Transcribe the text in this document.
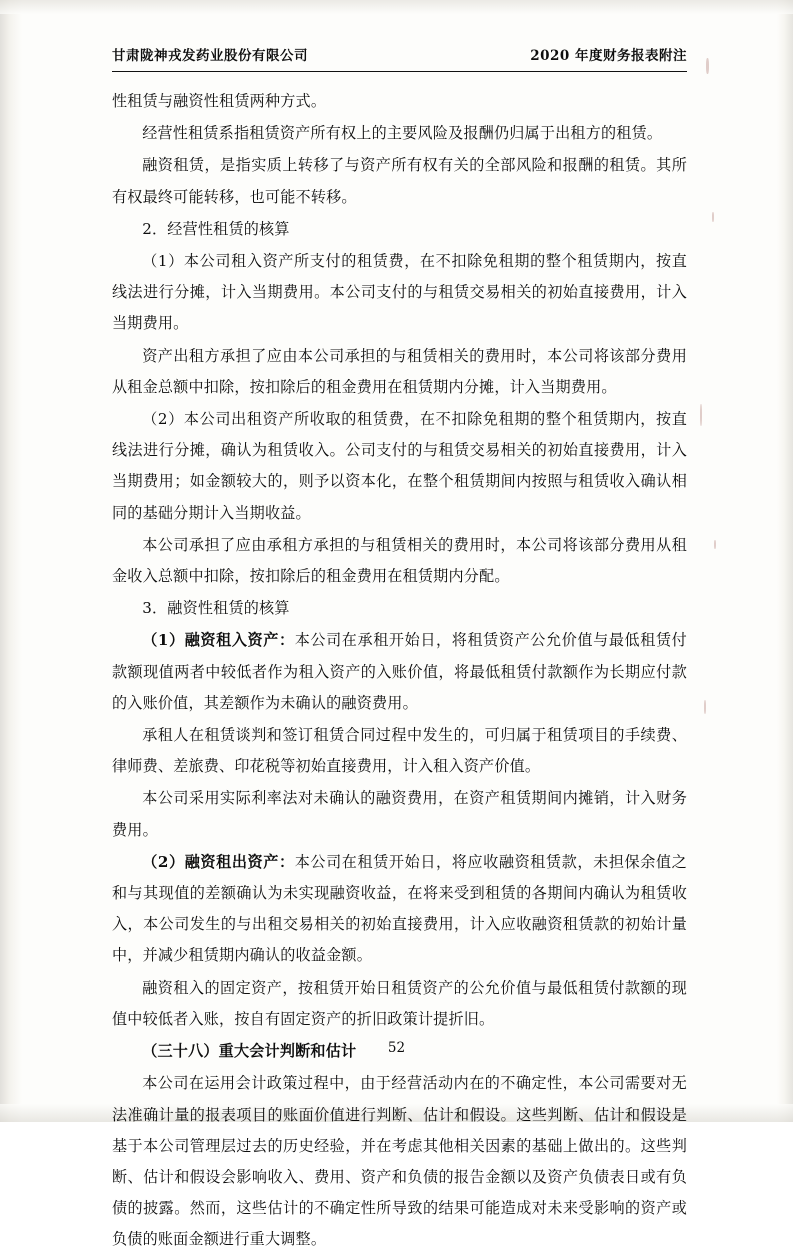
甘肃陇神戎发药业股份有限公司	2020 年度财务报表附注

性租赁与融资性租赁两种方式。

经营性租赁系指租赁资产所有权上的主要风险及报酬仍归属于出租方的租赁。

融资租赁，是指实质上转移了与资产所有权有关的全部风险和报酬的租赁。其所有权最终可能转移，也可能不转移。

2．经营性租赁的核算

（1）本公司租入资产所支付的租赁费，在不扣除免租期的整个租赁期内，按直线法进行分摊，计入当期费用。本公司支付的与租赁交易相关的初始直接费用，计入当期费用。

资产出租方承担了应由本公司承担的与租赁相关的费用时，本公司将该部分费用从租金总额中扣除，按扣除后的租金费用在租赁期内分摊，计入当期费用。

（2）本公司出租资产所收取的租赁费，在不扣除免租期的整个租赁期内，按直线法进行分摊，确认为租赁收入。公司支付的与租赁交易相关的初始直接费用，计入当期费用；如金额较大的，则予以资本化，在整个租赁期间内按照与租赁收入确认相同的基础分期计入当期收益。

本公司承担了应由承租方承担的与租赁相关的费用时，本公司将该部分费用从租金收入总额中扣除，按扣除后的租金费用在租赁期内分配。

3．融资性租赁的核算

（1）融资租入资产：本公司在承租开始日，将租赁资产公允价值与最低租赁付款额现值两者中较低者作为租入资产的入账价值，将最低租赁付款额作为长期应付款的入账价值，其差额作为未确认的融资费用。

承租人在租赁谈判和签订租赁合同过程中发生的，可归属于租赁项目的手续费、律师费、差旅费、印花税等初始直接费用，计入租入资产价值。

本公司采用实际利率法对未确认的融资费用，在资产租赁期间内摊销，计入财务费用。

（2）融资租出资产：本公司在租赁开始日，将应收融资租赁款，未担保余值之和与其现值的差额确认为未实现融资收益，在将来受到租赁的各期间内确认为租赁收入，本公司发生的与出租交易相关的初始直接费用，计入应收融资租赁款的初始计量中，并减少租赁期内确认的收益金额。

融资租入的固定资产，按租赁开始日租赁资产的公允价值与最低租赁付款额的现值中较低者入账，按自有固定资产的折旧政策计提折旧。

（三十八）重大会计判断和估计

本公司在运用会计政策过程中，由于经营活动内在的不确定性，本公司需要对无法准确计量的报表项目的账面价值进行判断、估计和假设。这些判断、估计和假设是基于本公司管理层过去的历史经验，并在考虑其他相关因素的基础上做出的。这些判断、估计和假设会影响收入、费用、资产和负债的报告金额以及资产负债表日或有负债的披露。然而，这些估计的不确定性所导致的结果可能造成对未来受影响的资产或负债的账面金额进行重大调整。

52
